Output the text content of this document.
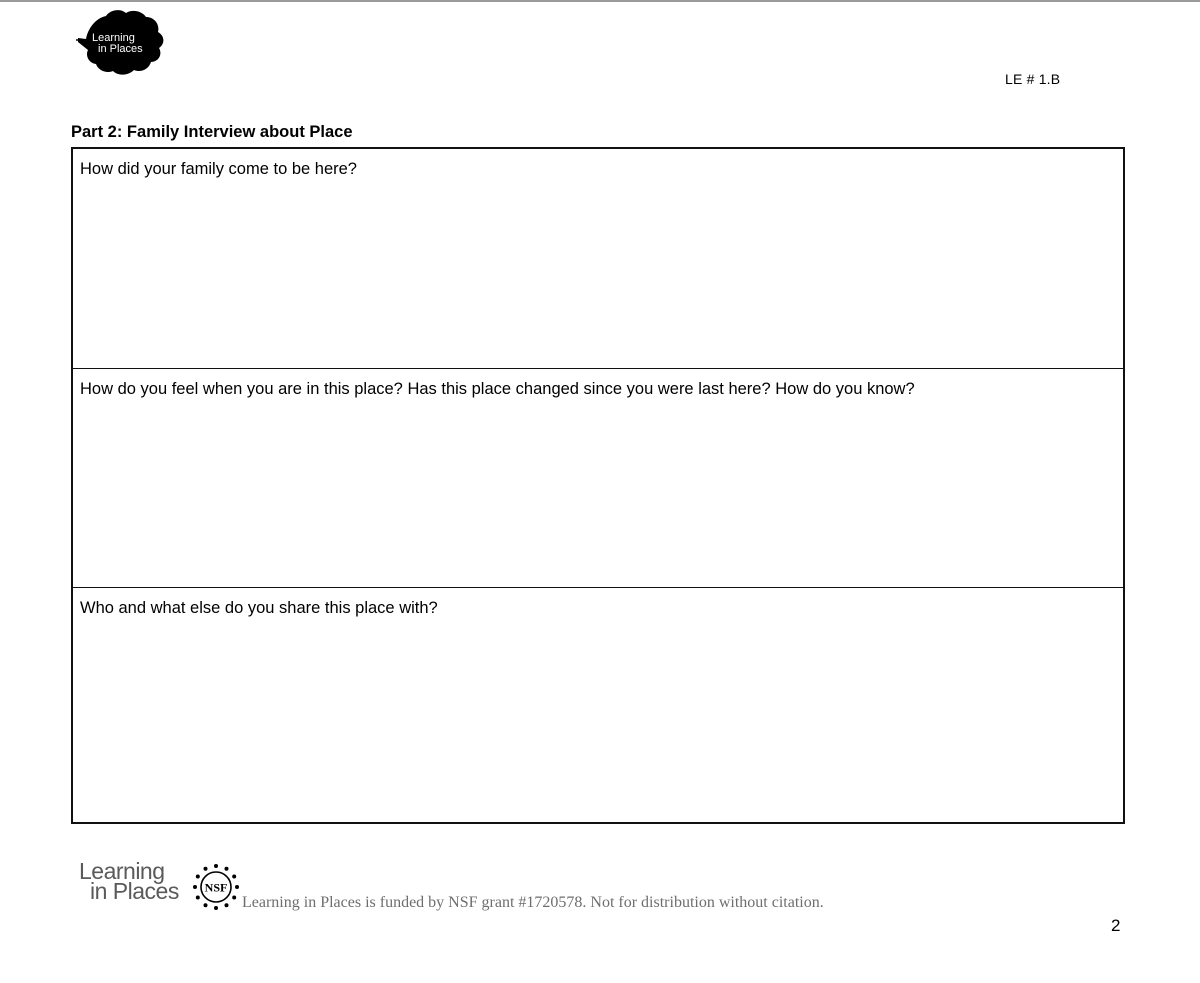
Learning
in Places
LE # 1.B
Part 2: Family Interview about Place
How did your family come to be here?
How do you feel when you are in this place? Has this place changed since you were last here? How do you know?
Who and what else do you share this place with?
Learning
in Places NSF
Learning in Places is funded by NSF grant #1720578. Not for distribution without citation.
2
